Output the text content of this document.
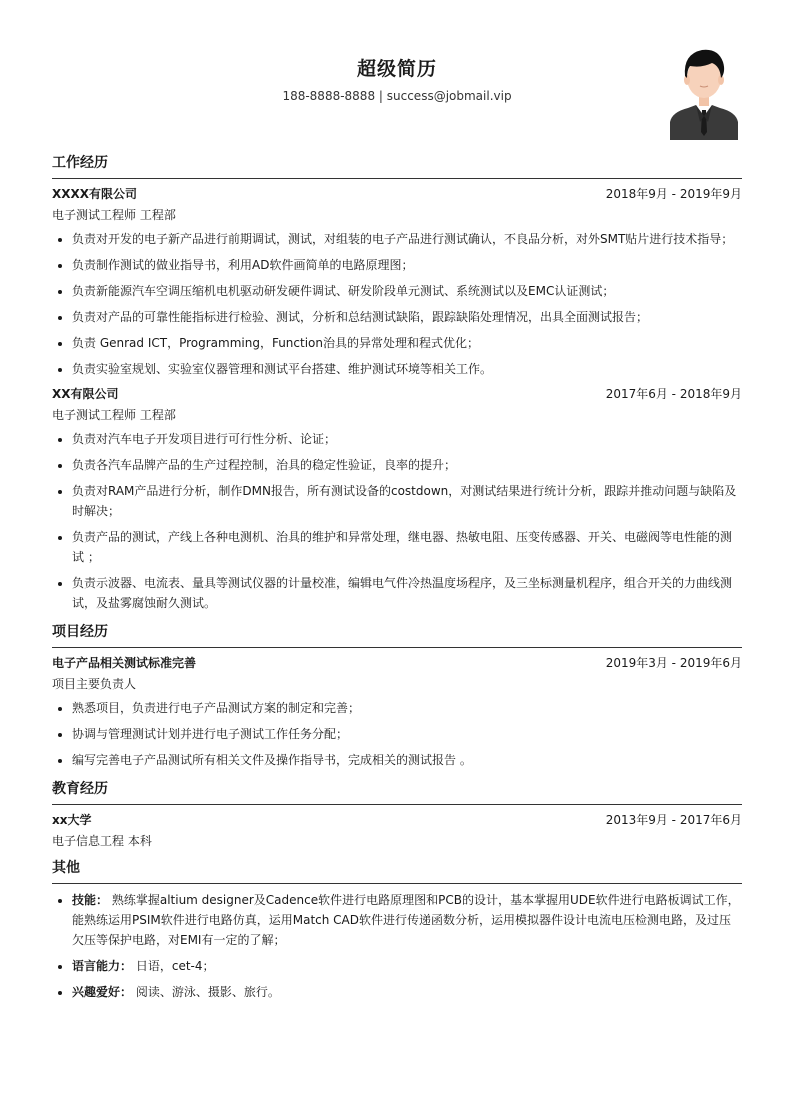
超级简历
188-8888-8888 | success@jobmail.vip
工作经历
XXXX有限公司	2018年9月 - 2019年9月
电子测试工程师 工程部
• 负责对开发的电子新产品进行前期调试，测试，对组装的电子产品进行测试确认，不良品分析，对外SMT贴片进行技术指导；
• 负责制作测试的做业指导书，利用AD软件画简单的电路原理图；
• 负责新能源汽车空调压缩机电机驱动研发硬件调试、研发阶段单元测试、系统测试以及EMC认证测试；
• 负责对产品的可靠性能指标进行检验、测试，分析和总结测试缺陷，跟踪缺陷处理情况，出具全面测试报告；
• 负责 Genrad ICT，Programming，Function治具的异常处理和程式优化；
• 负责实验室规划、实验室仪器管理和测试平台搭建、维护测试环境等相关工作。
XX有限公司	2017年6月 - 2018年9月
电子测试工程师 工程部
• 负责对汽车电子开发项目进行可行性分析、论证；
• 负责各汽车品牌产品的生产过程控制，治具的稳定性验证，良率的提升；
• 负责对RAM产品进行分析，制作DMN报告，所有测试设备的costdown，对测试结果进行统计分析，跟踪并推动问题与缺陷及时解决；
• 负责产品的测试，产线上各种电测机、治具的维护和异常处理，继电器、热敏电阻、压变传感器、开关、电磁阀等电性能的测试 ；
• 负责示波器、电流表、量具等测试仪器的计量校准，编辑电气件冷热温度场程序，及三坐标测量机程序，组合开关的力曲线测试，及盐雾腐蚀耐久测试。
项目经历
电子产品相关测试标准完善	2019年3月 - 2019年6月
项目主要负责人
• 熟悉项目，负责进行电子产品测试方案的制定和完善；
• 协调与管理测试计划并进行电子测试工作任务分配；
• 编写完善电子产品测试所有相关文件及操作指导书，完成相关的测试报告 。
教育经历
xx大学	2013年9月 - 2017年6月
电子信息工程 本科
其他
• 技能： 熟练掌握altium designer及Cadence软件进行电路原理图和PCB的设计，基本掌握用UDE软件进行电路板调试工作，能熟练运用PSIM软件进行电路仿真，运用Match CAD软件进行传递函数分析，运用模拟器件设计电流电压检测电路，及过压欠压等保护电路，对EMI有一定的了解；
• 语言能力： 日语，cet-4；
• 兴趣爱好： 阅读、游泳、摄影、旅行。
